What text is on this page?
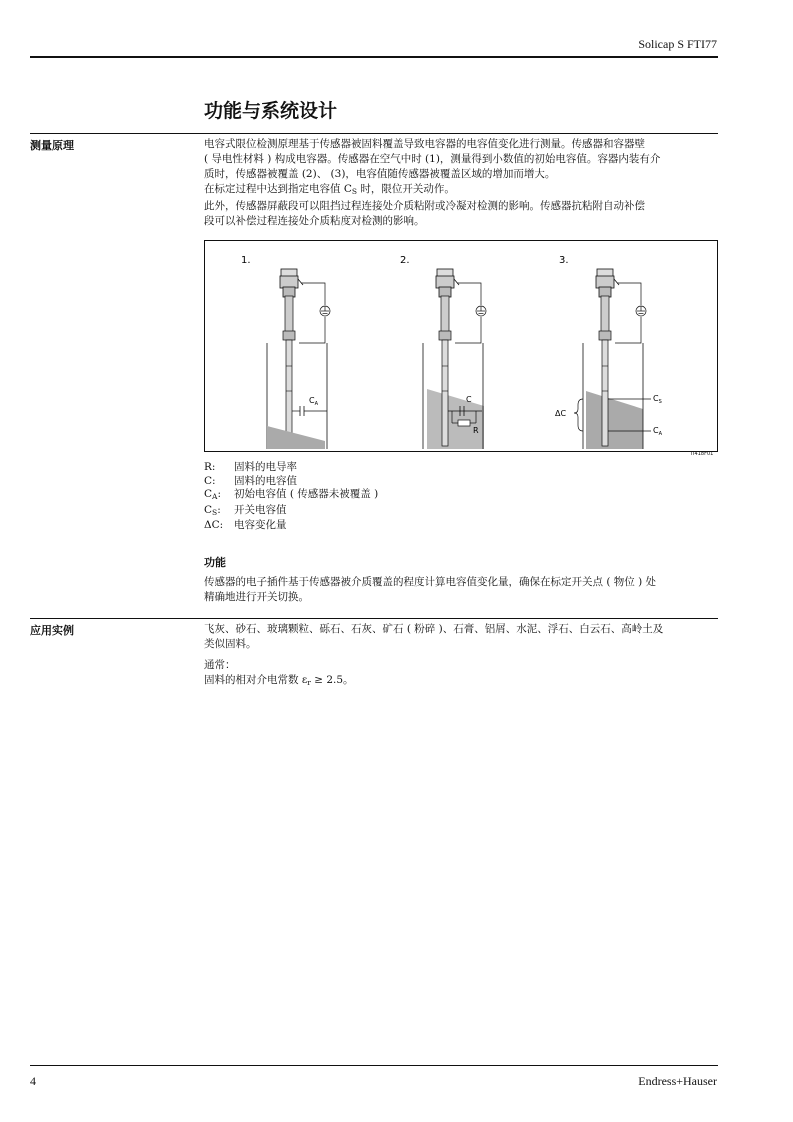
Solicap S FTI77
功能与系统设计
测量原理	电容式限位检测原理基于传感器被固料覆盖导致电容器的电容值变化进行测量。传感器和容器壁

( 导电性材料 ) 构成电容器。传感器在空气中时 (1)，测量得到小数值的初始电容值。容器内装有介

质时，传感器被覆盖 (2)、 (3)，电容值随传感器被覆盖区域的增加而增大。

在标定过程中达到指定电容值 $C_S$ 时，限位开关动作。

此外，传感器屏蔽段可以阻挡过程连接处介质粘附或冷凝对检测的影响。传感器抗粘附自动补偿

段可以补偿过程连接处介质粘度对检测的影响。

1.
$C_A$
2.
C
R
3.
$C_S$
$C_A$
ΔC
TI418F01
R:	固料的电导率
C:	固料的电容值
$C_A$:	初始电容值 ( 传感器未被覆盖 )
$C_S$:	开关电容值
ΔC:	电容变化量
功能

传感器的电子插件基于传感器被介质覆盖的程度计算电容值变化量，确保在标定开关点 ( 物位 ) 处

精确地进行开关切换。

应用实例	飞灰、砂石、玻璃颗粒、砾石、石灰、矿石 ( 粉碎 )、石膏、铝屑、水泥、浮石、白云石、高岭土及

类似固料。

通常：

固料的相对介电常数 $\varepsilon_r \ge 2.5$。

4	Endress+Hauser
